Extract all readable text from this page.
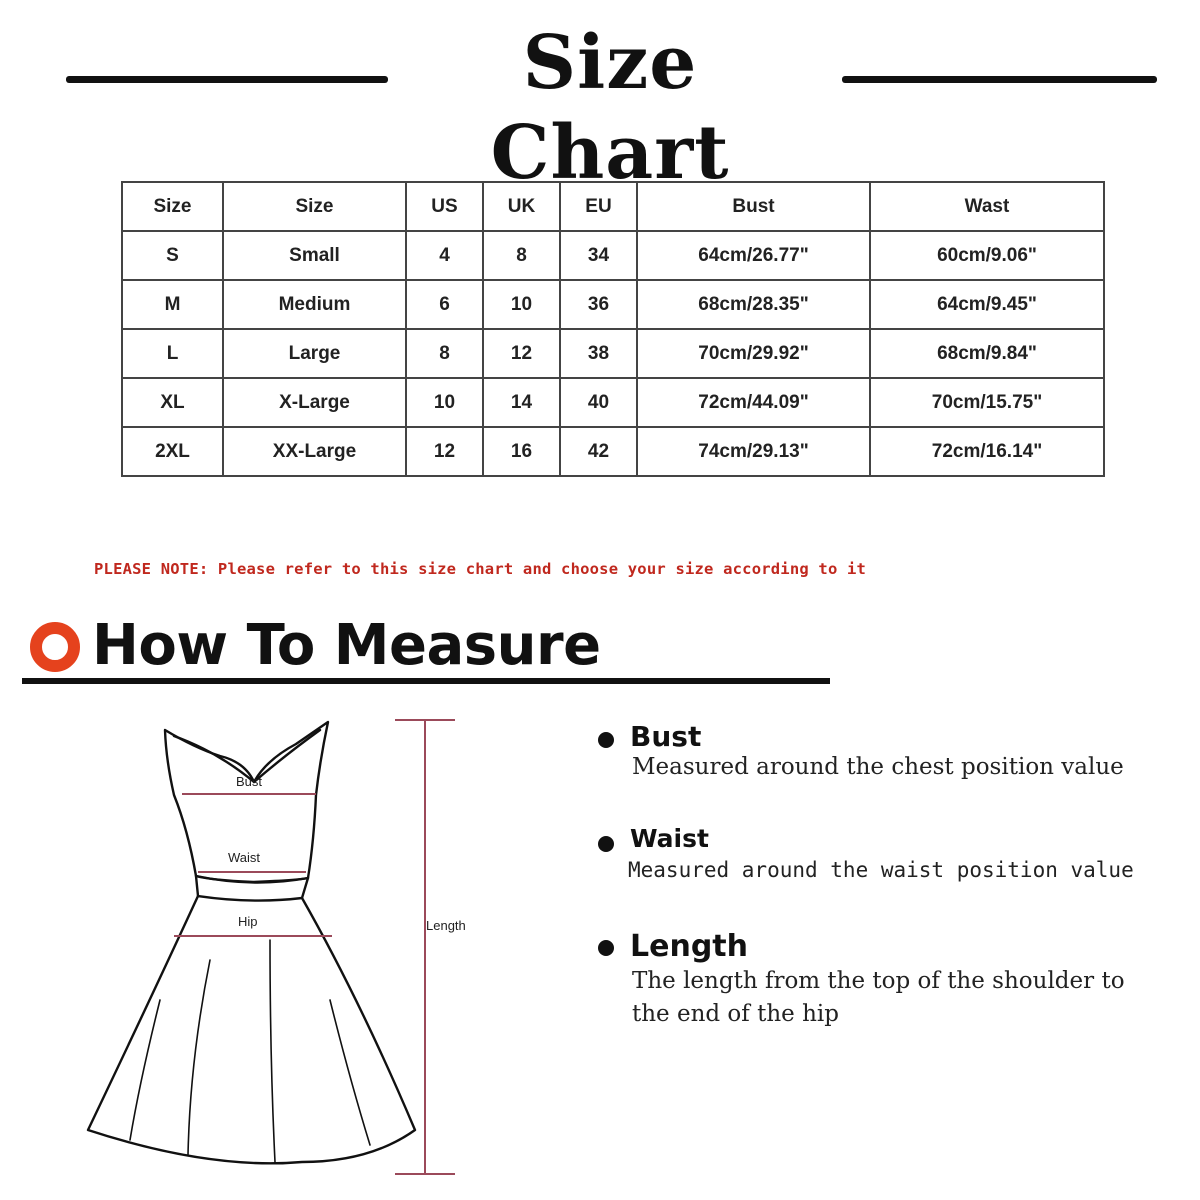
Size Chart
Size	Size	US	UK	EU	Bust	Wast
S	Small	4	8	34	64cm/26.77"	60cm/9.06"
M	Medium	6	10	36	68cm/28.35"	64cm/9.45"
L	Large	8	12	38	70cm/29.92"	68cm/9.84"
XL	X-Large	10	14	40	72cm/44.09"	70cm/15.75"
2XL	XX-Large	12	16	42	74cm/29.13"	72cm/16.14"
PLEASE NOTE: Please refer to this size chart and choose your size according to it
How To Measure
Bust
Waist
Hip	Length
Bust
Measured around the chest position value
Waist
Measured around the waist position value
Length
The length from the top of the shoulder to
the end of the hip
